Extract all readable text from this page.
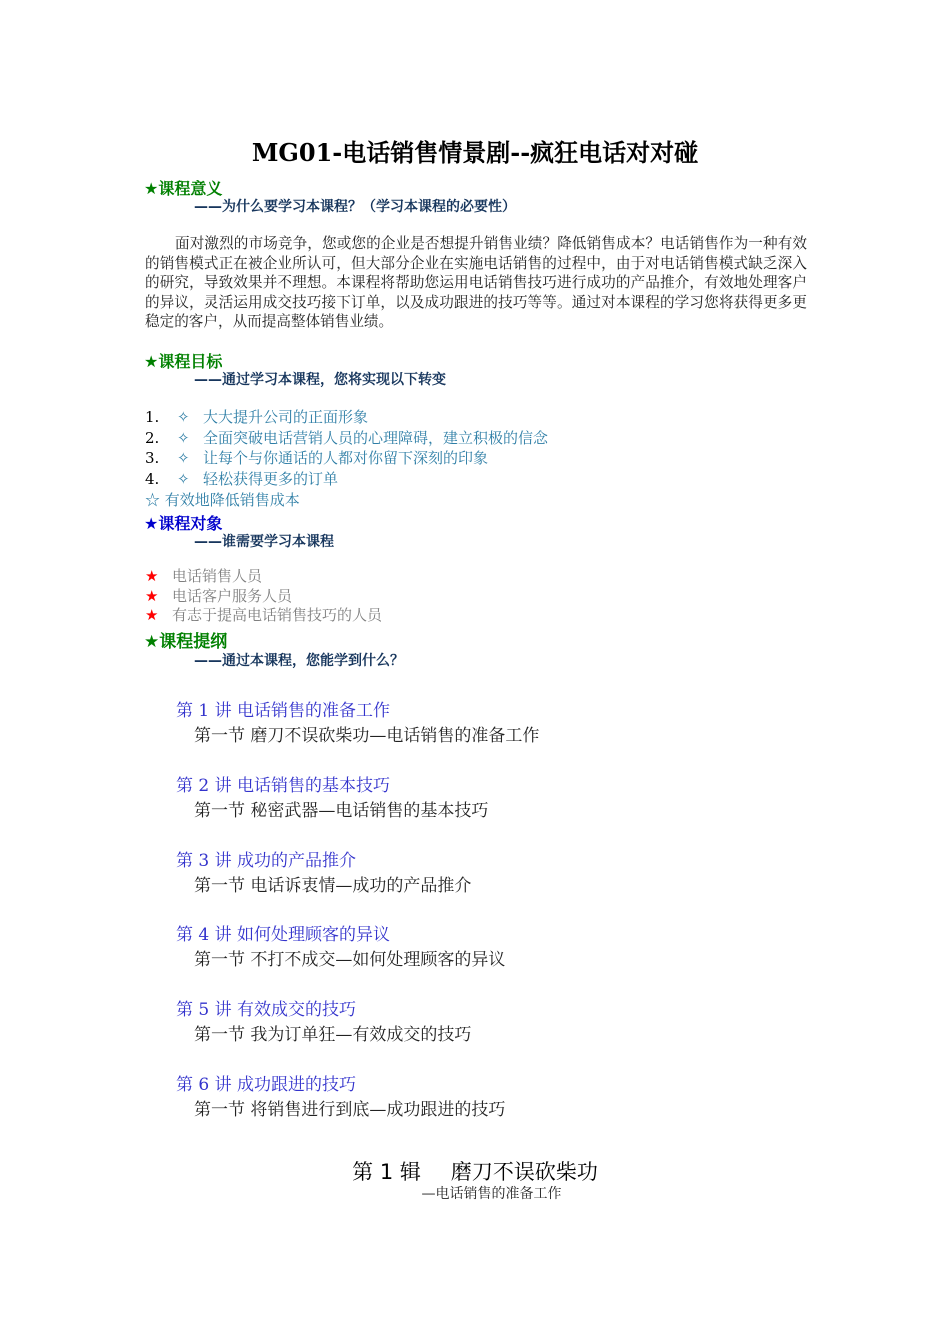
MG01-电话销售情景剧--疯狂电话对对碰
★课程意义
——为什么要学习本课程？（学习本课程的必要性）
面对激烈的市场竞争，您或您的企业是否想提升销售业绩？降低销售成本？电话销售作为一种有效的销售模式正在被企业所认可，但大部分企业在实施电话销售的过程中，由于对电话销售模式缺乏深入的研究，导致效果并不理想。本课程将帮助您运用电话销售技巧进行成功的产品推介，有效地处理客户的异议，灵活运用成交技巧接下订单，以及成功跟进的技巧等等。通过对本课程的学习您将获得更多更稳定的客户，从而提高整体销售业绩。
★课程目标
——通过学习本课程，您将实现以下转变
1. ✧ 大大提升公司的正面形象
2. ✧ 全面突破电话营销人员的心理障碍，建立积极的信念
3. ✧ 让每个与你通话的人都对你留下深刻的印象
4. ✧ 轻松获得更多的订单
☆ 有效地降低销售成本
★课程对象
——谁需要学习本课程
★ 电话销售人员
★ 电话客户服务人员
★ 有志于提高电话销售技巧的人员
★课程提纲
——通过本课程，您能学到什么？
第 1 讲 电话销售的准备工作
第一节 磨刀不误砍柴功—电话销售的准备工作
第 2 讲 电话销售的基本技巧
第一节 秘密武器—电话销售的基本技巧
第 3 讲 成功的产品推介
第一节 电话诉衷情—成功的产品推介
第 4 讲 如何处理顾客的异议
第一节 不打不成交—如何处理顾客的异议
第 5 讲 有效成交的技巧
第一节 我为订单狂—有效成交的技巧
第 6 讲 成功跟进的技巧
第一节 将销售进行到底—成功跟进的技巧
第 1 辑 磨刀不误砍柴功
—电话销售的准备工作
